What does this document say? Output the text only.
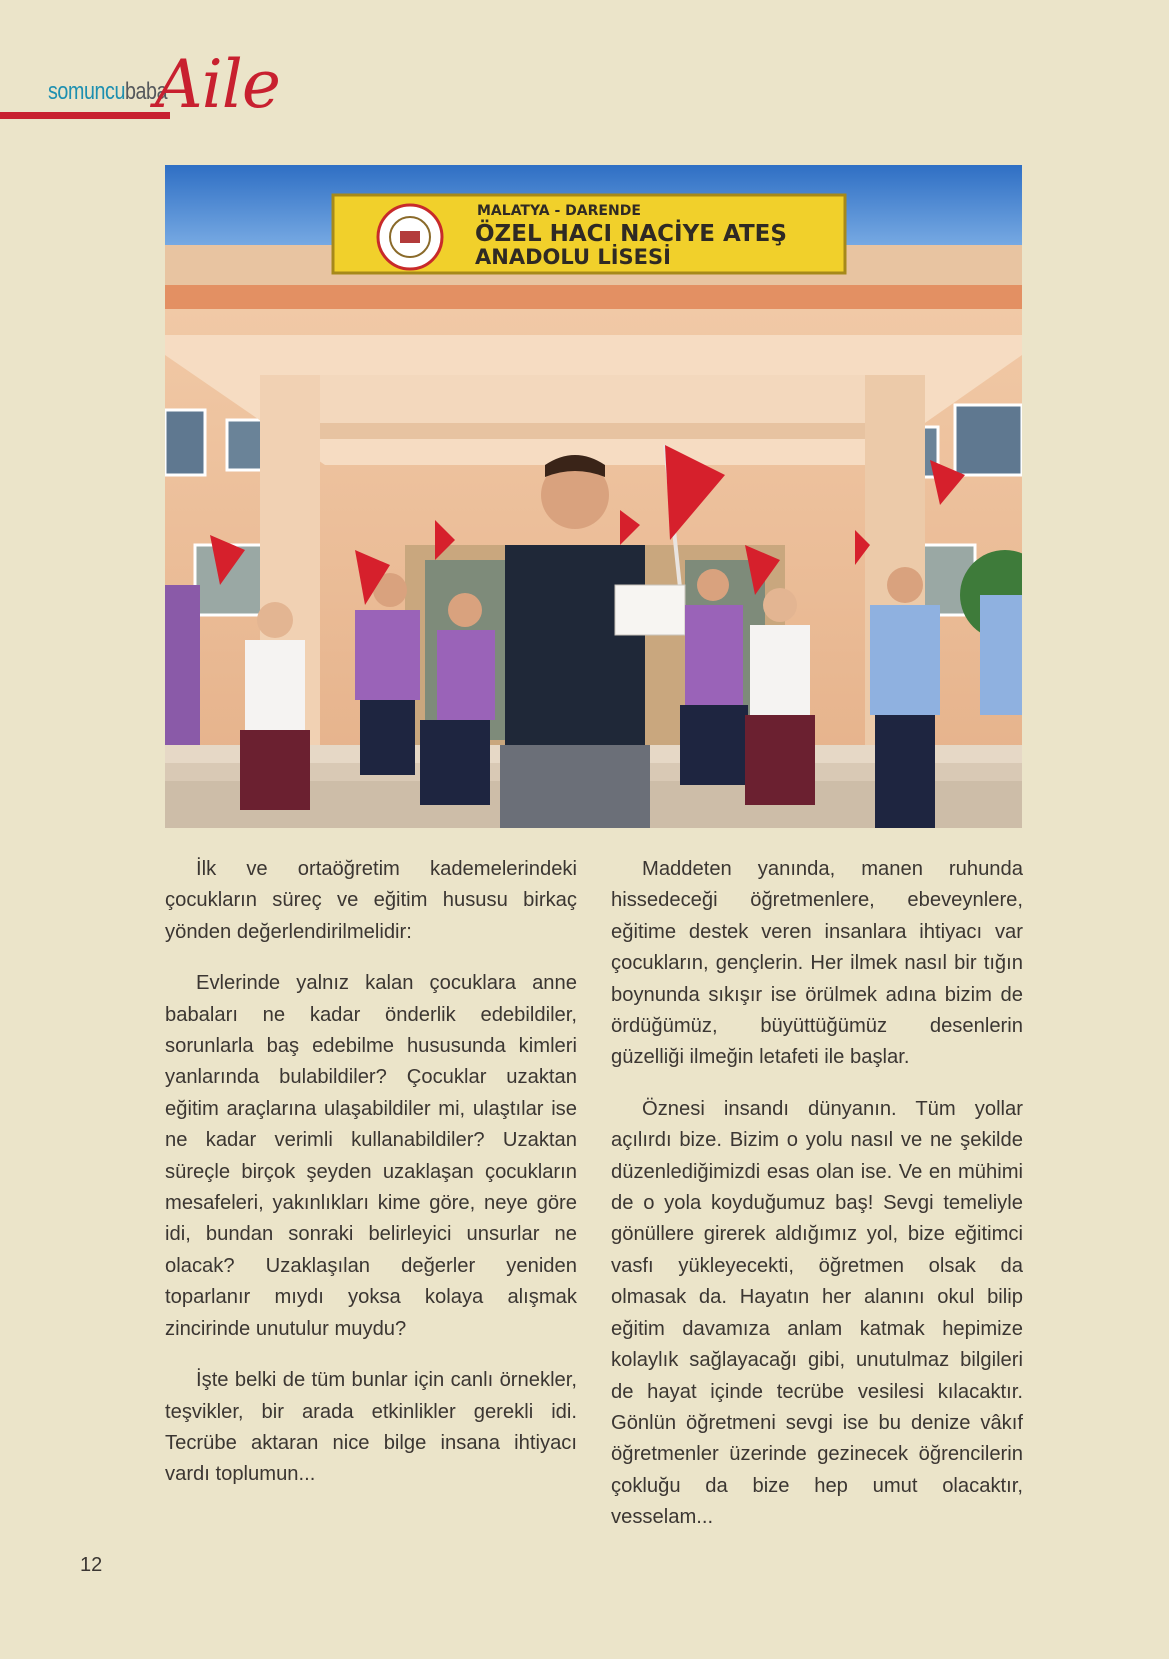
somuncubaba
Aile
MALATYA - DARENDE
ÖZEL HACI NACİYE ATEŞ
ANADOLU LİSESİ

İlk ve ortaöğretim kademelerindeki çocukların süreç ve eğitim hususu birkaç yönden değerlendirilmelidir:

Evlerinde yalnız kalan çocuklara anne babaları ne kadar önderlik edebildiler, sorunlarla baş edebilme hususunda kimleri yanlarında bulabildiler? Çocuklar uzaktan eğitim araçlarına ulaşabildiler mi, ulaştılar ise ne kadar verimli kullanabildiler? Uzaktan süreçle birçok şeyden uzaklaşan çocukların mesafeleri, yakınlıkları kime göre, neye göre idi, bundan sonraki belirleyici unsurlar ne olacak? Uzaklaşılan değerler yeniden toparlanır mıydı yoksa kolaya alışmak zincirinde unutulur muydu?

İşte belki de tüm bunlar için canlı örnekler, teşvikler, bir arada etkinlikler gerekli idi. Tecrübe aktaran nice bilge insana ihtiyacı vardı toplumun...

Maddeten yanında, manen ruhunda hissedeceği öğretmenlere, ebeveynlere, eğitime destek veren insanlara ihtiyacı var çocukların, gençlerin. Her ilmek nasıl bir tığın boynunda sıkışır ise örülmek adına bizim de ördüğümüz, büyüttüğümüz desenlerin güzelliği ilmeğin letafeti ile başlar.

Öznesi insandı dünyanın. Tüm yollar açılırdı bize. Bizim o yolu nasıl ve ne şekilde düzenlediğimizdi esas olan ise. Ve en mühimi de o yola koyduğumuz baş! Sevgi temeliyle gönüllere girerek aldığımız yol, bize eğitimci vasfı yükleyecekti, öğretmen olsak da olmasak da. Hayatın her alanını okul bilip eğitim davamıza anlam katmak hepimize kolaylık sağlayacağı gibi, unutulmaz bilgileri de hayat içinde tecrübe vesilesi kılacaktır. Gönlün öğretmeni sevgi ise bu denize vâkıf öğretmenler üzerinde gezinecek öğrencilerin çokluğu da bize hep umut olacaktır, vesselam...

12
